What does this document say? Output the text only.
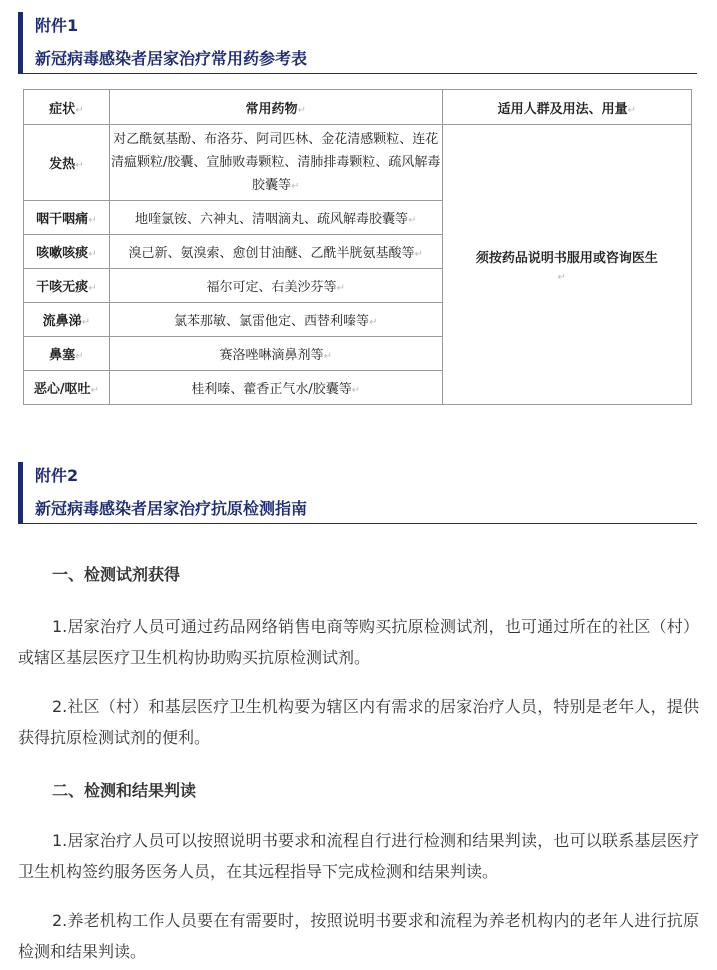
附件1
新冠病毒感染者居家治疗常用药参考表
症状↵	常用药物↵	适用人群及用法、用量↵
发热↵	对乙酰氨基酚、布洛芬、阿司匹林、金花清感颗粒、连花清瘟颗粒/胶囊、宣肺败毒颗粒、清肺排毒颗粒、疏风解毒胶囊等↵	须按药品说明书服用或咨询医生
↵

咽干咽痛↵	地喹氯铵、六神丸、清咽滴丸、疏风解毒胶囊等↵	
咳嗽咳痰↵	溴己新、氨溴索、愈创甘油醚、乙酰半胱氨基酸等↵	
干咳无痰↵	福尔可定、右美沙芬等↵	
流鼻涕↵	氯苯那敏、氯雷他定、西替利嗪等↵	
鼻塞↵	赛洛唑啉滴鼻剂等↵	
恶心/呕吐↵	桂利嗪、藿香正气水/胶囊等↵	
附件2
新冠病毒感染者居家治疗抗原检测指南
一、检测试剂获得

1.居家治疗人员可通过药品网络销售电商等购买抗原检测试剂，也可通过所在的社区（村）或辖区基层医疗卫生机构协助购买抗原检测试剂。

2.社区（村）和基层医疗卫生机构要为辖区内有需求的居家治疗人员，特别是老年人，提供获得抗原检测试剂的便利。

二、检测和结果判读

1.居家治疗人员可以按照说明书要求和流程自行进行检测和结果判读，也可以联系基层医疗卫生机构签约服务医务人员，在其远程指导下完成检测和结果判读。

2.养老机构工作人员要在有需要时，按照说明书要求和流程为养老机构内的老年人进行抗原检测和结果判读。
